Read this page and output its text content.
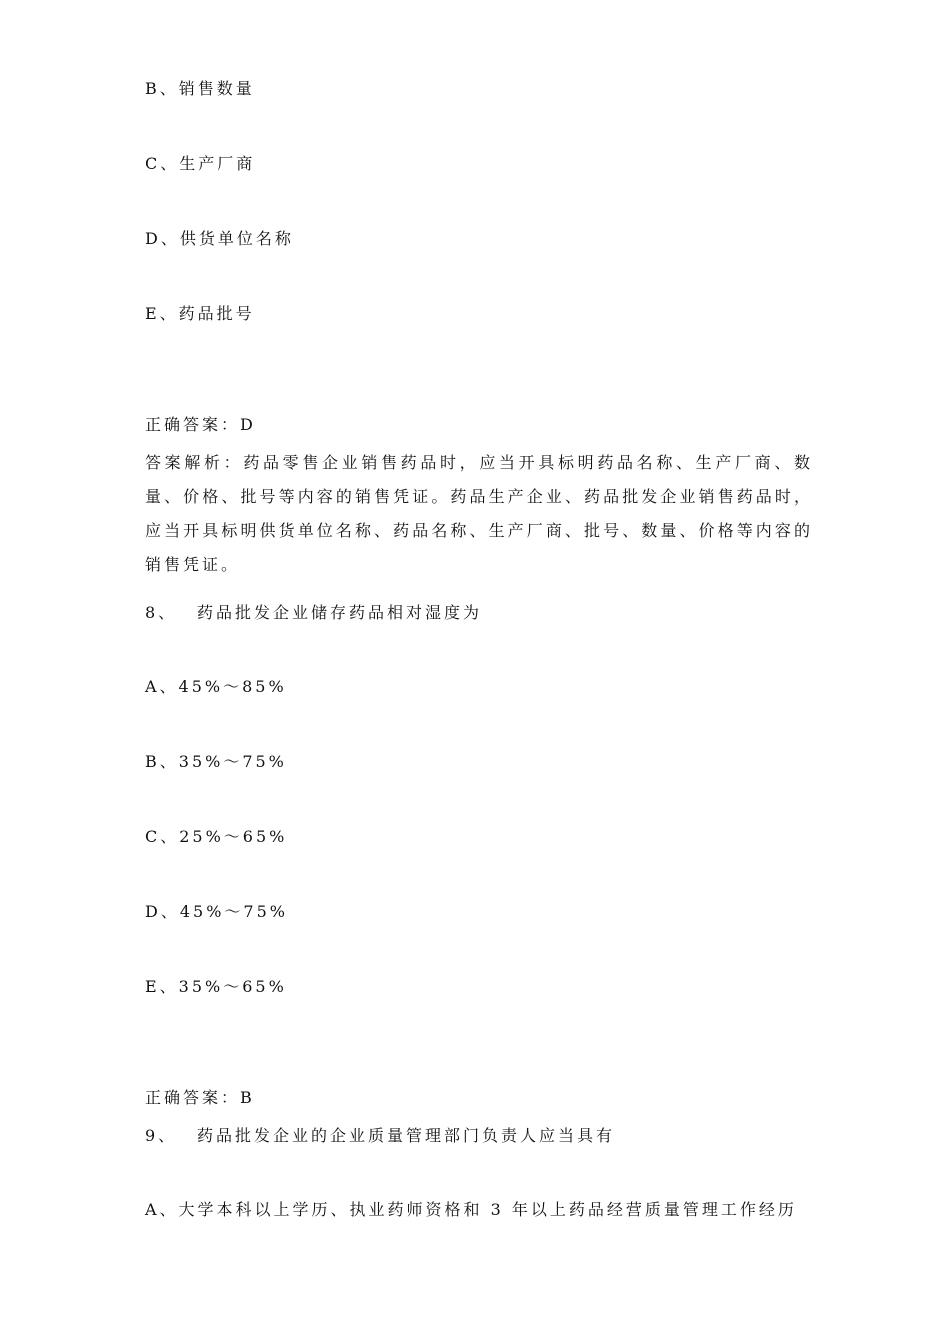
B、销售数量
C、生产厂商
D、供货单位名称
E、药品批号
正确答案：D
答案解析：药品零售企业销售药品时，应当开具标明药品名称、生产厂商、数量、价格、批号等内容的销售凭证。药品生产企业、药品批发企业销售药品时，应当开具标明供货单位名称、药品名称、生产厂商、批号、数量、价格等内容的销售凭证。
8、 药品批发企业储存药品相对湿度为
A、45%～85%
B、35%～75%
C、25%～65%
D、45%～75%
E、35%～65%
正确答案：B
9、 药品批发企业的企业质量管理部门负责人应当具有
A、大学本科以上学历、执业药师资格和 3 年以上药品经营质量管理工作经历
